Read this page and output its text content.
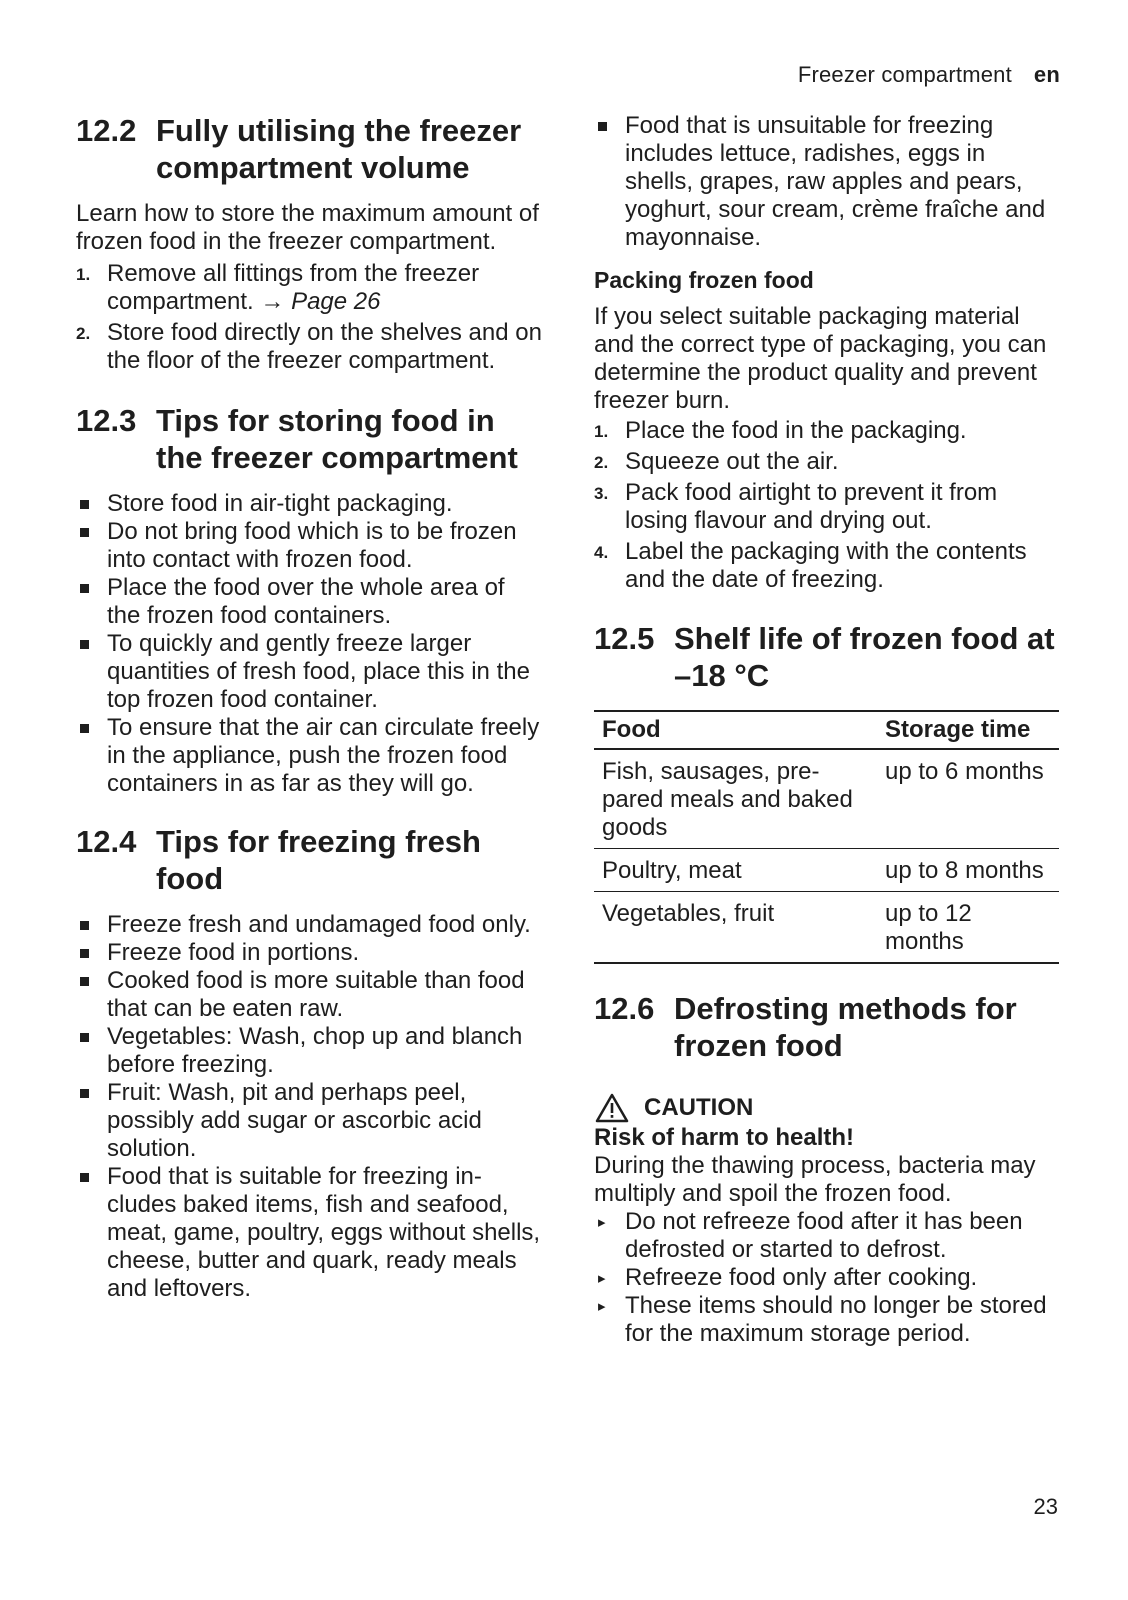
Freezer compartment en
12.2 Fully utilising the freezer compartment volume

Learn how to store the maximum amount of frozen food in the freezer compartment.

1. Remove all fittings from the freezer compartment. → Page 26
2. Store food directly on the shelves and on the floor of the freezer compartment.
12.3 Tips for storing food in the freezer compartment
Store food in air-tight packaging.
Do not bring food which is to be frozen into contact with frozen food.
Place the food over the whole area of the frozen food containers.
To quickly and gently freeze larger quantities of fresh food, place this in the top frozen food container.
To ensure that the air can circulate freely in the appliance, push the frozen food containers in as far as they will go.
12.4 Tips for freezing fresh food
Freeze fresh and undamaged food only.
Freeze food in portions.
Cooked food is more suitable than food that can be eaten raw.
Vegetables: Wash, chop up and blanch before freezing.
Fruit: Wash, pit and perhaps peel, possibly add sugar or ascorbic acid solution.
Food that is suitable for freezing includes baked items, fish and seafood, meat, game, poultry, eggs without shells, cheese, butter and quark, ready meals and leftovers.
Food that is unsuitable for freezing includes lettuce, radishes, eggs in shells, grapes, raw apples and pears, yoghurt, sour cream, crème fraîche and mayonnaise.
Packing frozen food

If you select suitable packaging material and the correct type of packaging, you can determine the product quality and prevent freezer burn.

1. Place the food in the packaging.
2. Squeeze out the air.
3. Pack food airtight to prevent it from losing flavour and drying out.
4. Label the packaging with the contents and the date of freezing.
12.5 Shelf life of frozen food at –18 °C
Food	Storage time
Fish, sausages, prepared meals and baked goods	up to 6 months
Poultry, meat	up to 8 months
Vegetables, fruit	up to 12 months
12.6 Defrosting methods for frozen food
CAUTION

Risk of harm to health!

During the thawing process, bacteria may multiply and spoil the frozen food.

▸ Do not refreeze food after it has been defrosted or started to defrost.
▸ Refreeze food only after cooking.
▸ These items should no longer be stored for the maximum storage period.
23
